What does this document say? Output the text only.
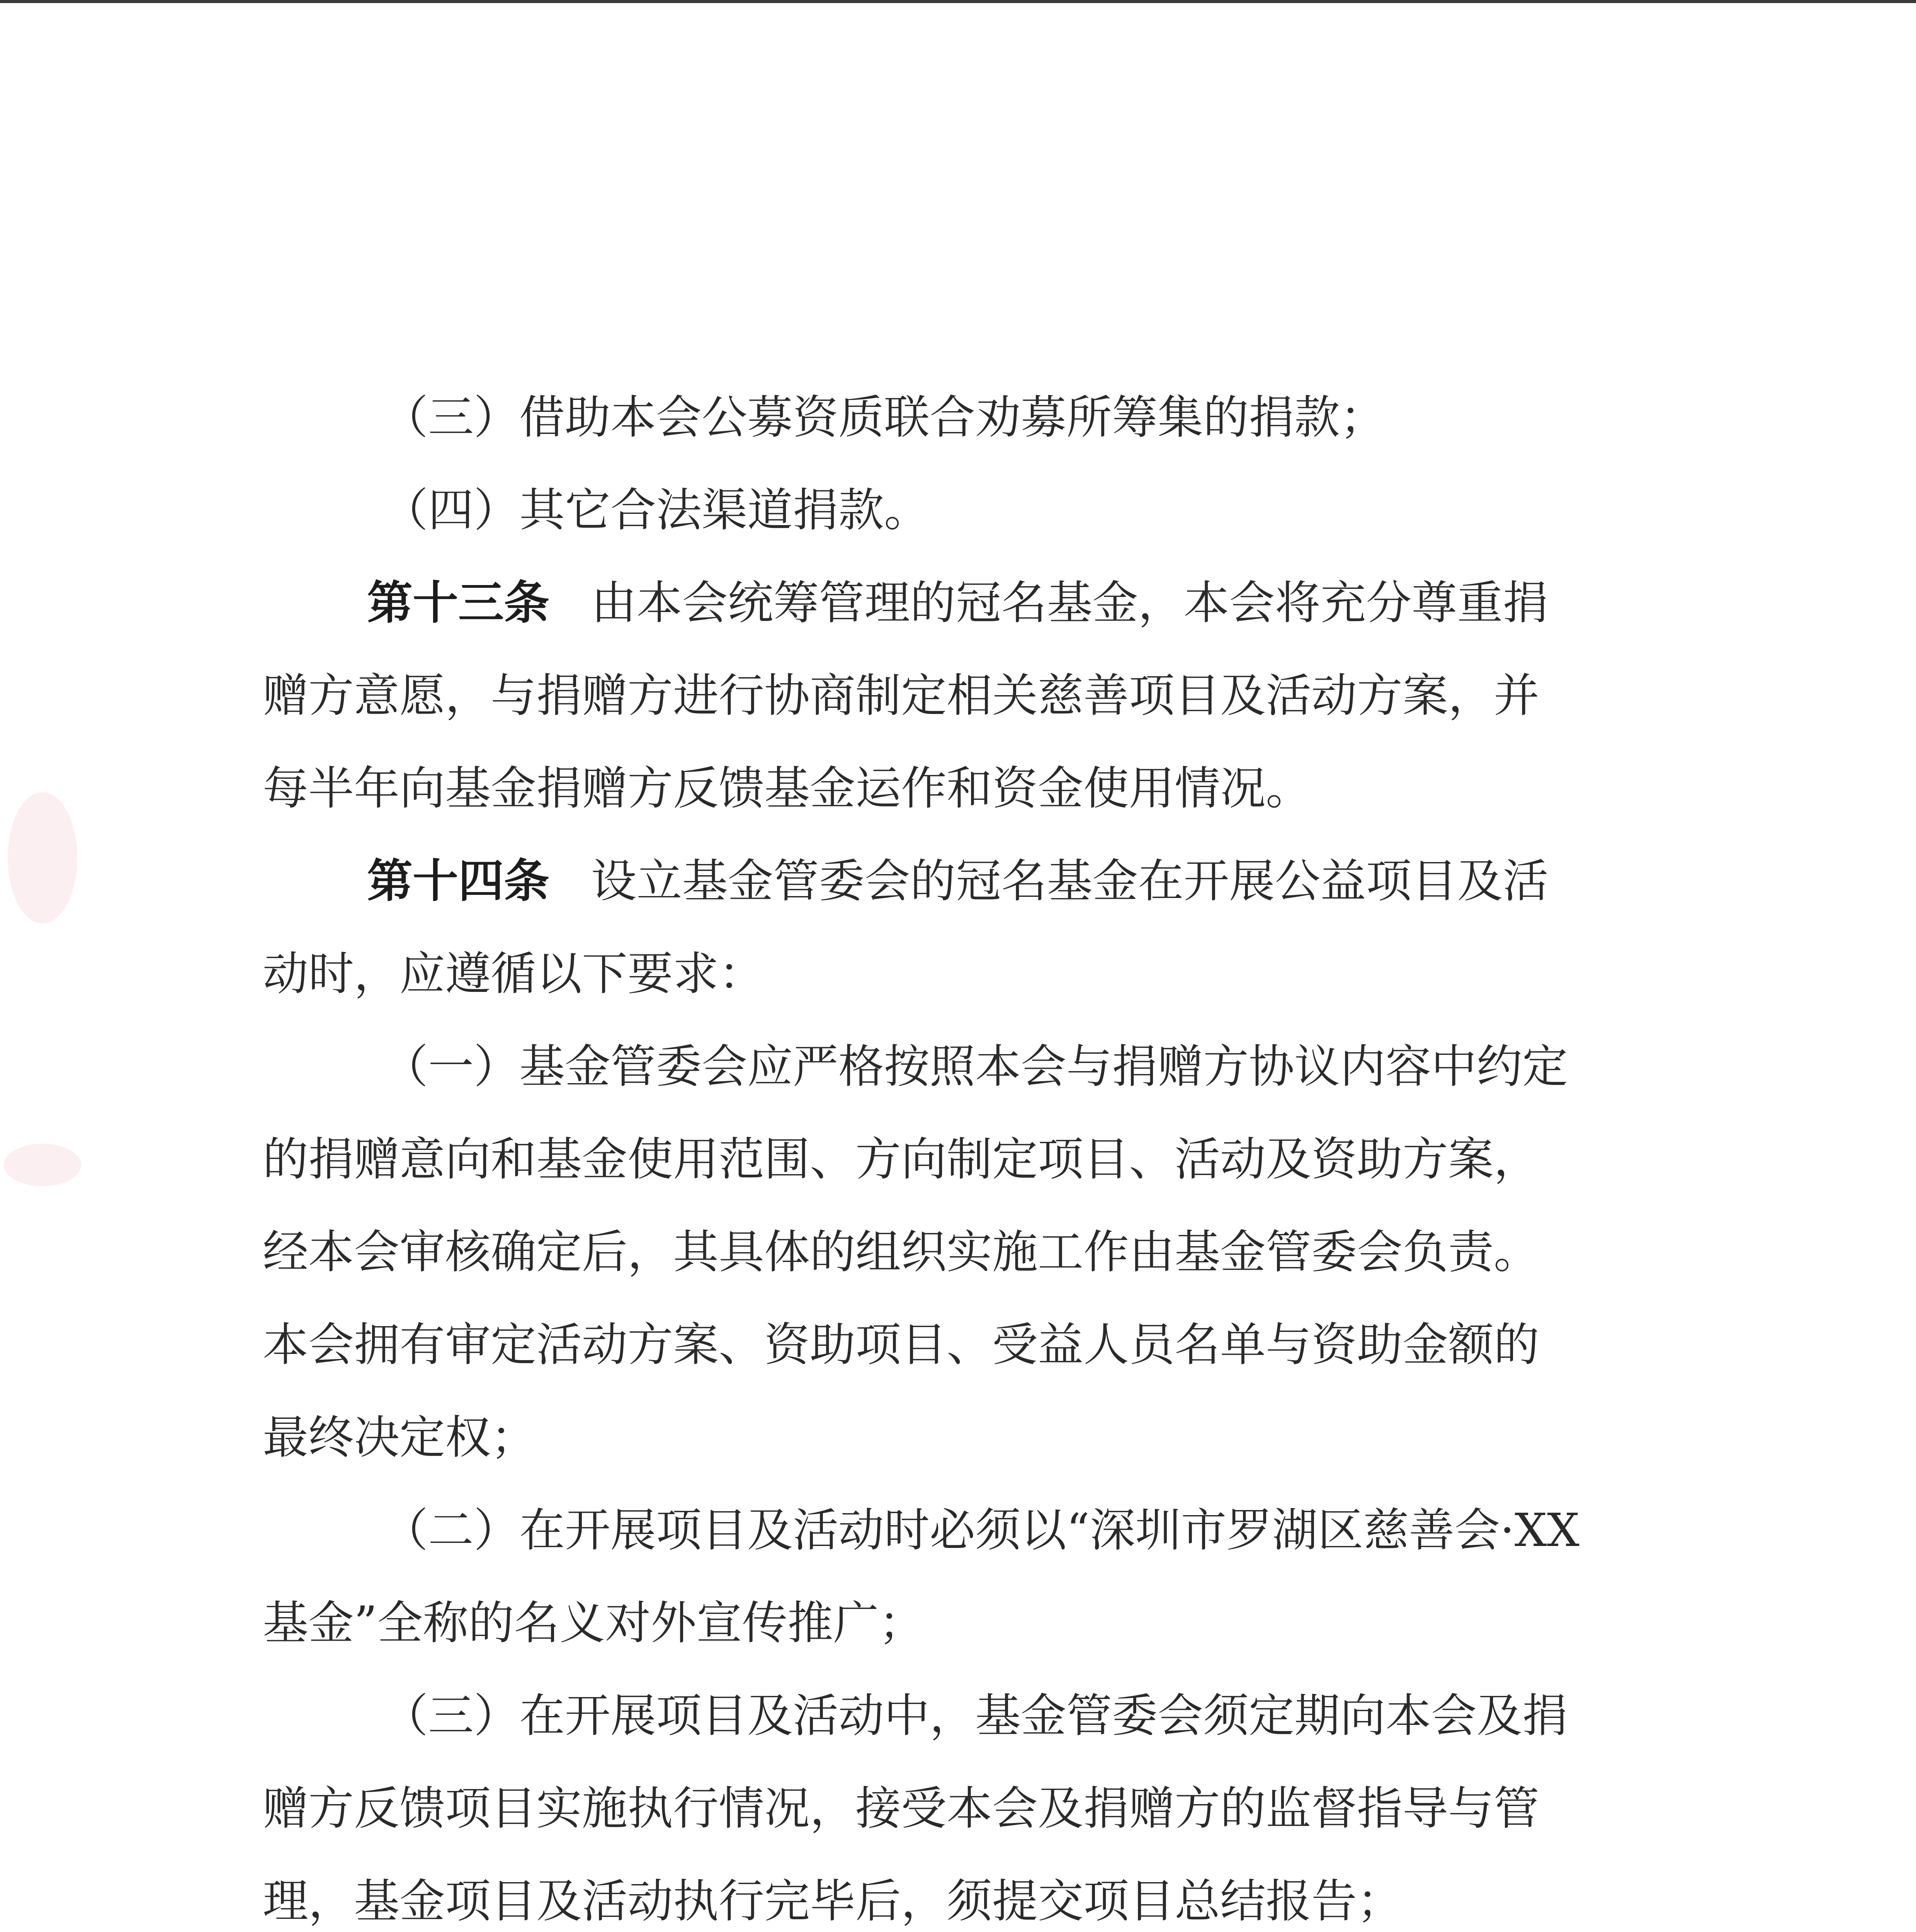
（三）借助本会公募资质联合劝募所筹集的捐款；
（四）其它合法渠道捐款。
第十三条 由本会统筹管理的冠名基金，本会将充分尊重捐
赠方意愿，与捐赠方进行协商制定相关慈善项目及活动方案，并
每半年向基金捐赠方反馈基金运作和资金使用情况。
第十四条 设立基金管委会的冠名基金在开展公益项目及活
动时，应遵循以下要求：
（一）基金管委会应严格按照本会与捐赠方协议内容中约定
的捐赠意向和基金使用范围、方向制定项目、活动及资助方案，
经本会审核确定后，其具体的组织实施工作由基金管委会负责。
本会拥有审定活动方案、资助项目、受益人员名单与资助金额的
最终决定权；
（二）在开展项目及活动时必须以“深圳市罗湖区慈善会·XX
基金”全称的名义对外宣传推广；
（三）在开展项目及活动中，基金管委会须定期向本会及捐
赠方反馈项目实施执行情况，接受本会及捐赠方的监督指导与管
理，基金项目及活动执行完毕后，须提交项目总结报告；
